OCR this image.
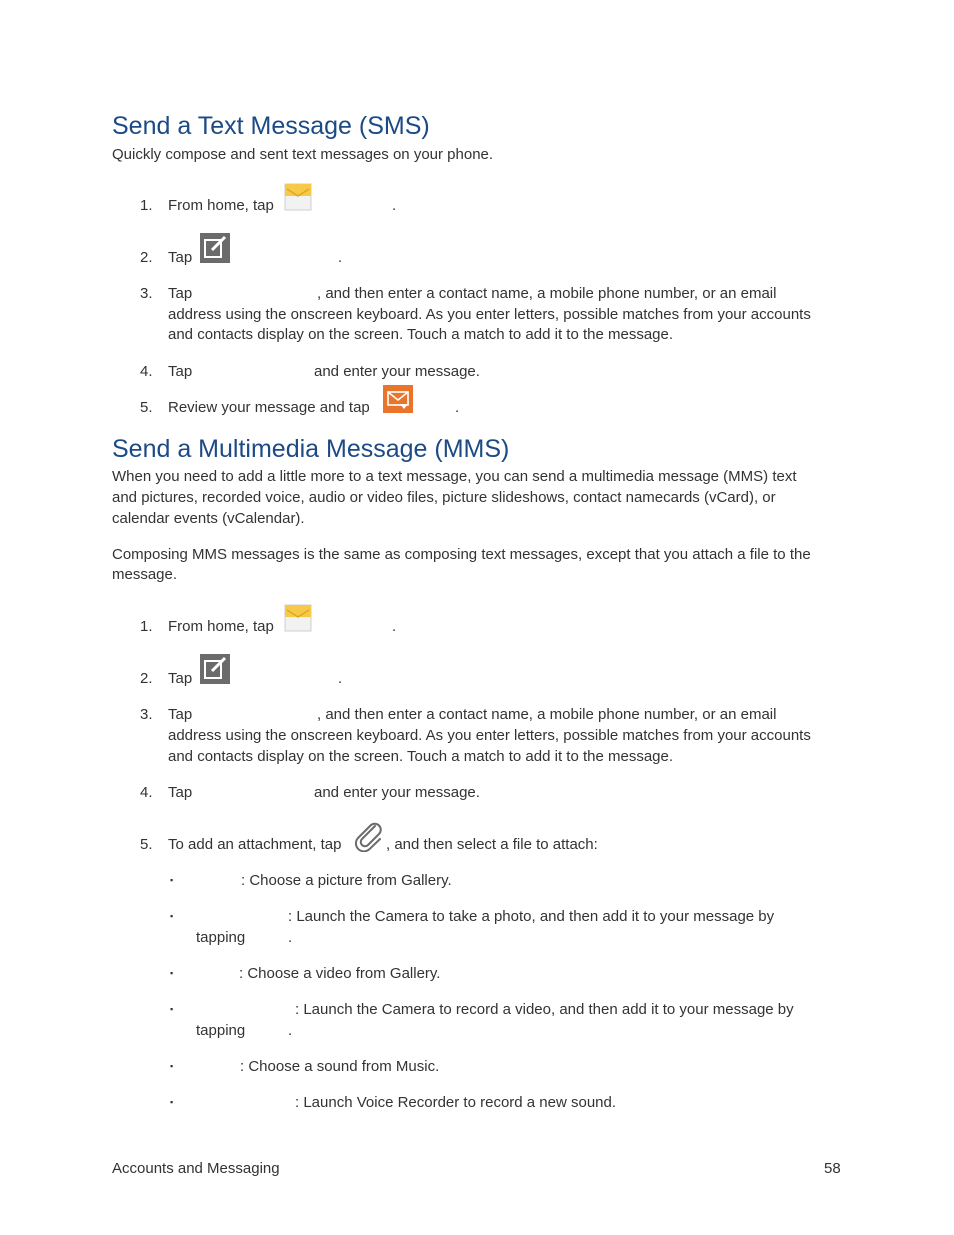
Send a Text Message (SMS)

Quickly compose and sent text messages on your phone.

1. From home, tap	.
2. Tap	.
3. Tap	, and then enter a contact name, a mobile phone number, or an email
address using the onscreen keyboard. As you enter letters, possible matches from your accounts
and contacts display on the screen. Touch a match to add it to the message.
4. Tap	and enter your message.
5. Review your message and tap	.
Send a Multimedia Message (MMS)
When you need to add a little more to a text message, you can send a multimedia message (MMS) text
and pictures, recorded voice, audio or video files, picture slideshows, contact namecards (vCard), or
calendar events (vCalendar).
Composing MMS messages is the same as composing text messages, except that you attach a file to the
message.
1. From home, tap	.
2. Tap	.
3. Tap	, and then enter a contact name, a mobile phone number, or an email
address using the onscreen keyboard. As you enter letters, possible matches from your accounts
and contacts display on the screen. Touch a match to add it to the message.
4. Tap	and enter your message.
5. To add an attachment, tap	, and then select a file to attach:
▪	: Choose a picture from Gallery.
▪	: Launch the Camera to take a photo, and then add it to your message by
tapping	.
▪	: Choose a video from Gallery.
▪	: Launch the Camera to record a video, and then add it to your message by
tapping	.
▪	: Choose a sound from Music.
▪	: Launch Voice Recorder to record a new sound.
Accounts and Messaging	58
